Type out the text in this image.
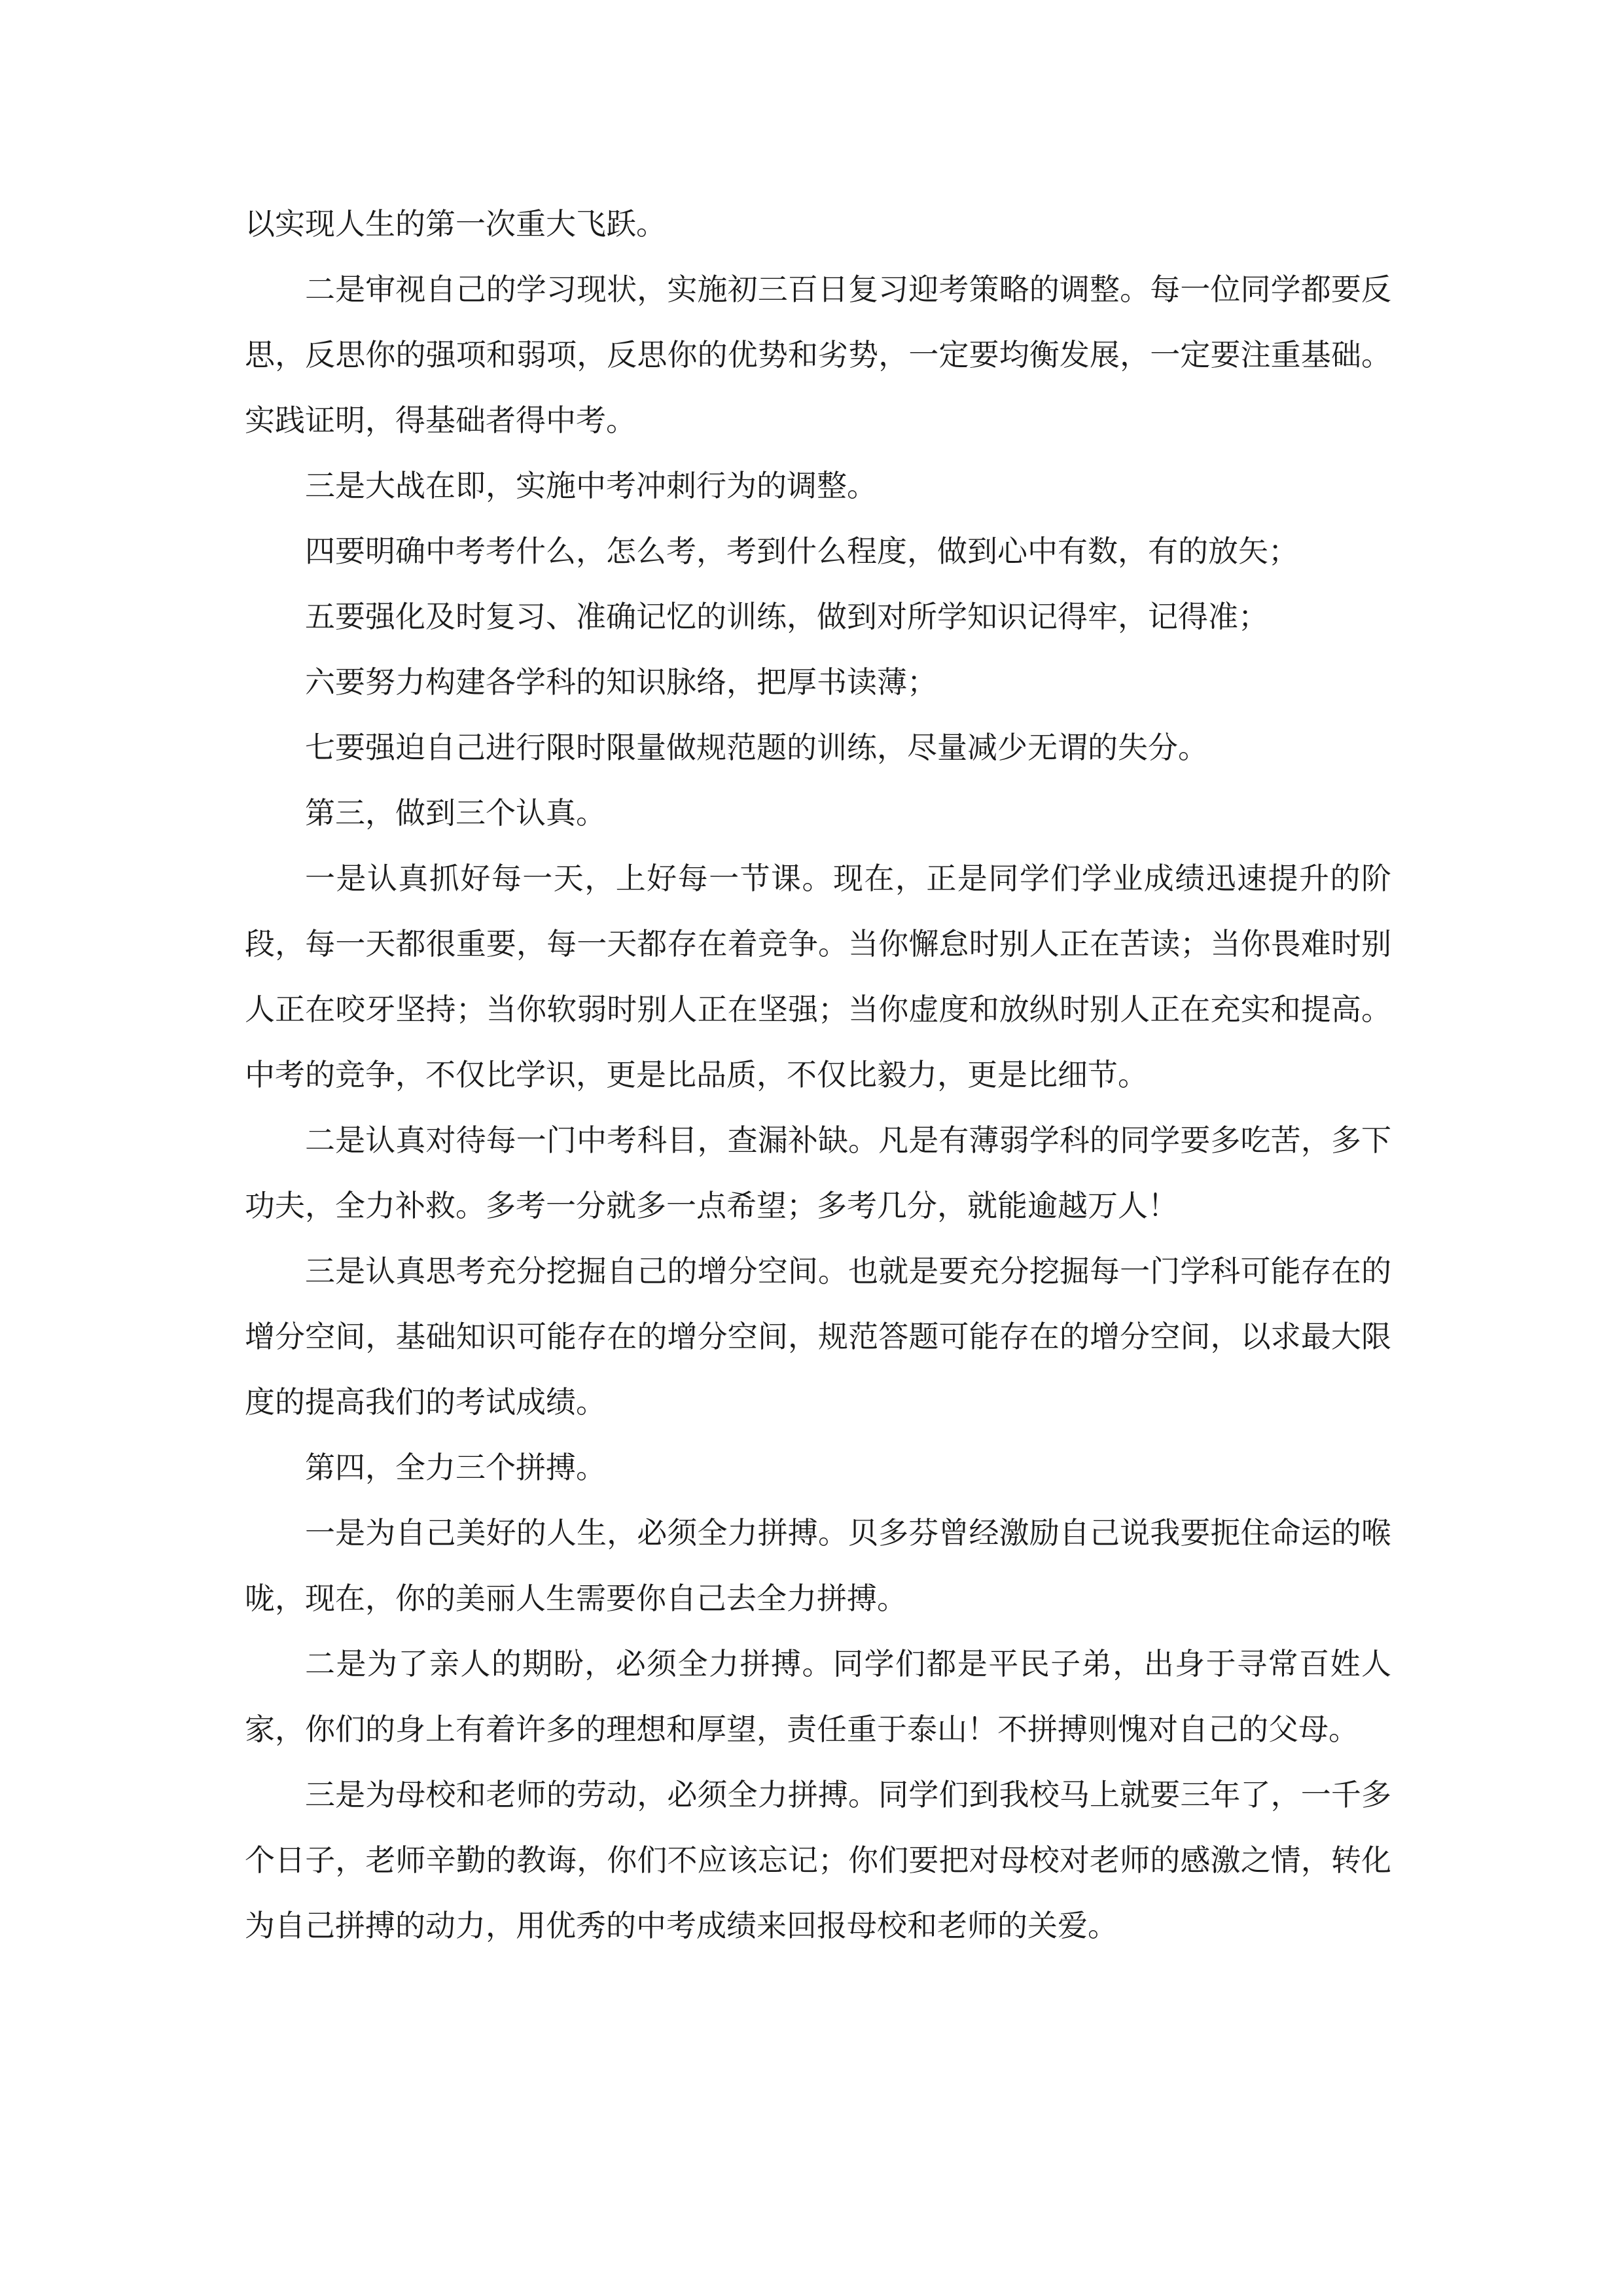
以实现人生的第一次重大飞跃。

二是审视自己的学习现状，实施初三百日复习迎考策略的调整。每一位同学都要反思，反思你的强项和弱项，反思你的优势和劣势，一定要均衡发展，一定要注重基础。实践证明，得基础者得中考。

三是大战在即，实施中考冲刺行为的调整。

四要明确中考考什么，怎么考，考到什么程度，做到心中有数，有的放矢；

五要强化及时复习、准确记忆的训练，做到对所学知识记得牢，记得准；

六要努力构建各学科的知识脉络，把厚书读薄；

七要强迫自己进行限时限量做规范题的训练，尽量减少无谓的失分。

第三，做到三个认真。

一是认真抓好每一天，上好每一节课。现在，正是同学们学业成绩迅速提升的阶段，每一天都很重要，每一天都存在着竞争。当你懈怠时别人正在苦读；当你畏难时别人正在咬牙坚持；当你软弱时别人正在坚强；当你虚度和放纵时别人正在充实和提高。中考的竞争，不仅比学识，更是比品质，不仅比毅力，更是比细节。

二是认真对待每一门中考科目，查漏补缺。凡是有薄弱学科的同学要多吃苦，多下功夫，全力补救。多考一分就多一点希望；多考几分，就能逾越万人！

三是认真思考充分挖掘自己的增分空间。也就是要充分挖掘每一门学科可能存在的增分空间，基础知识可能存在的增分空间，规范答题可能存在的增分空间，以求最大限度的提高我们的考试成绩。

第四，全力三个拼搏。

一是为自己美好的人生，必须全力拼搏。贝多芬曾经激励自己说我要扼住命运的喉咙，现在，你的美丽人生需要你自己去全力拼搏。

二是为了亲人的期盼，必须全力拼搏。同学们都是平民子弟，出身于寻常百姓人家，你们的身上有着许多的理想和厚望，责任重于泰山！不拼搏则愧对自己的父母。

三是为母校和老师的劳动，必须全力拼搏。同学们到我校马上就要三年了，一千多个日子，老师辛勤的教诲，你们不应该忘记；你们要把对母校对老师的感激之情，转化为自己拼搏的动力，用优秀的中考成绩来回报母校和老师的关爱。
